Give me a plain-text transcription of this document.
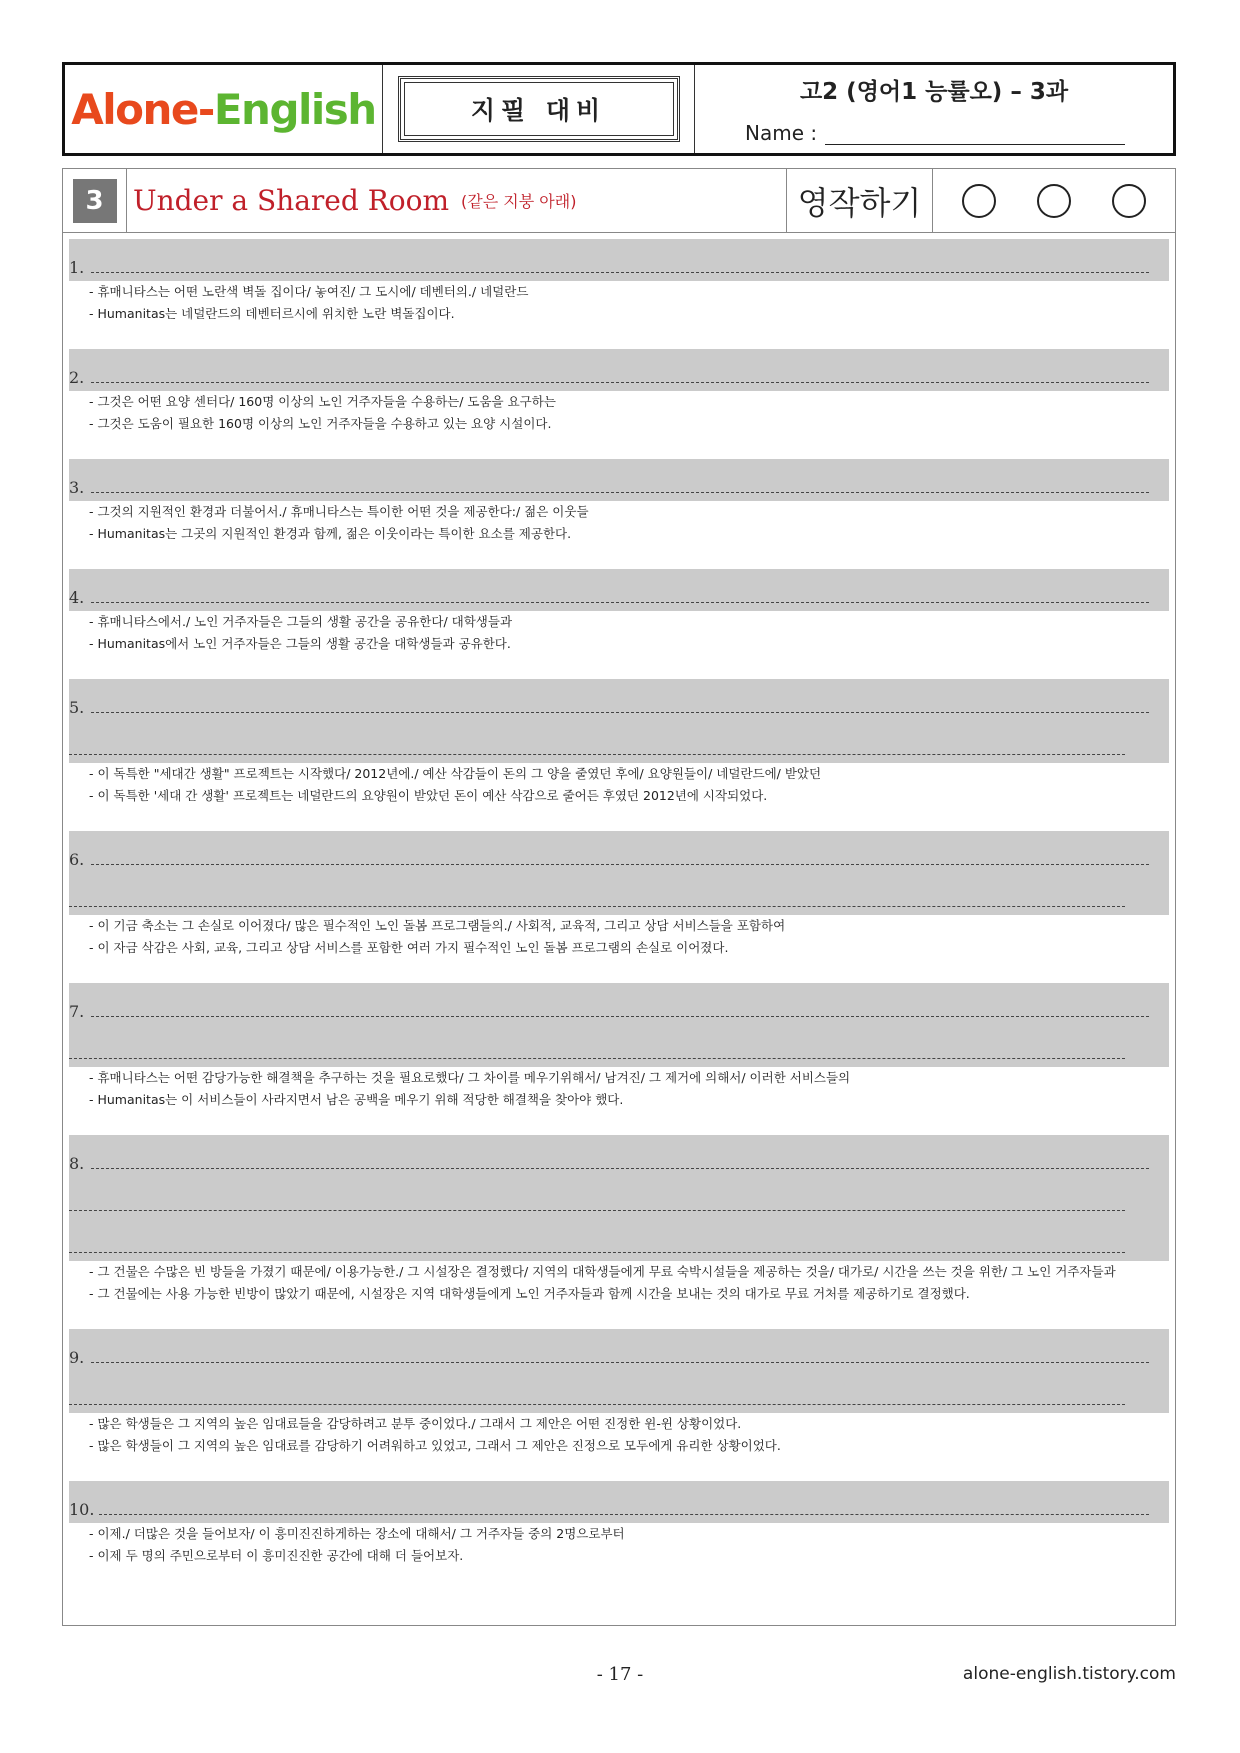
Alone - English	지필 대비
고2 (영어1 능률오) – 3과
Name :
3	Under a Shared Room (같은 지붕 아래)	영작하기
1.
- 휴매니타스는 어떤 노란색 벽돌 집이다/ 놓여진/ 그 도시에/ 데벤터의./ 네덜란드
- Humanitas는 네덜란드의 데벤터르시에 위치한 노란 벽돌집이다.
2.
- 그것은 어떤 요양 센터다/ 160명 이상의 노인 거주자들을 수용하는/ 도움을 요구하는
- 그것은 도움이 필요한 160명 이상의 노인 거주자들을 수용하고 있는 요양 시설이다.
3.
- 그것의 지원적인 환경과 더불어서./ 휴매니타스는 특이한 어떤 것을 제공한다:/ 젊은 이웃들
- Humanitas는 그곳의 지원적인 환경과 함께, 젊은 이웃이라는 특이한 요소를 제공한다.
4.
- 휴매니타스에서./ 노인 거주자들은 그들의 생활 공간을 공유한다/ 대학생들과
- Humanitas에서 노인 거주자들은 그들의 생활 공간을 대학생들과 공유한다.
5.
- 이 독특한 "세대간 생활" 프로젝트는 시작했다/ 2012년에./ 예산 삭감들이 돈의 그 양을 줄였던 후에/ 요양원들이/ 네덜란드에/ 받았던
- 이 독특한 '세대 간 생활' 프로젝트는 네덜란드의 요양원이 받았던 돈이 예산 삭감으로 줄어든 후였던 2012년에 시작되었다.
6.
- 이 기금 축소는 그 손실로 이어졌다/ 많은 필수적인 노인 돌봄 프로그램들의./ 사회적, 교육적, 그리고 상담 서비스들을 포함하여
- 이 자금 삭감은 사회, 교육, 그리고 상담 서비스를 포함한 여러 가지 필수적인 노인 돌봄 프로그램의 손실로 이어졌다.
7.
- 휴매니타스는 어떤 감당가능한 해결책을 추구하는 것을 필요로했다/ 그 차이를 메우기위해서/ 남겨진/ 그 제거에 의해서/ 이러한 서비스들의
- Humanitas는 이 서비스들이 사라지면서 남은 공백을 메우기 위해 적당한 해결책을 찾아야 했다.
8.
- 그 건물은 수많은 빈 방들을 가졌기 때문에/ 이용가능한./ 그 시설장은 결정했다/ 지역의 대학생들에게 무료 숙박시설들을 제공하는 것을/ 대가로/ 시간을 쓰는 것을 위한/ 그 노인 거주자들과
- 그 건물에는 사용 가능한 빈방이 많았기 때문에, 시설장은 지역 대학생들에게 노인 거주자들과 함께 시간을 보내는 것의 대가로 무료 거처를 제공하기로 결정했다.
9.
- 많은 학생들은 그 지역의 높은 임대료들을 감당하려고 분투 중이었다./ 그래서 그 제안은 어떤 진정한 윈-윈 상황이었다.
- 많은 학생들이 그 지역의 높은 임대료를 감당하기 어려워하고 있었고, 그래서 그 제안은 진정으로 모두에게 유리한 상황이었다.
10.
- 이제./ 더많은 것을 들어보자/ 이 흥미진진하게하는 장소에 대해서/ 그 거주자들 중의 2명으로부터
- 이제 두 명의 주민으로부터 이 흥미진진한 공간에 대해 더 들어보자.
- 17 -	alone-english.tistory.com
